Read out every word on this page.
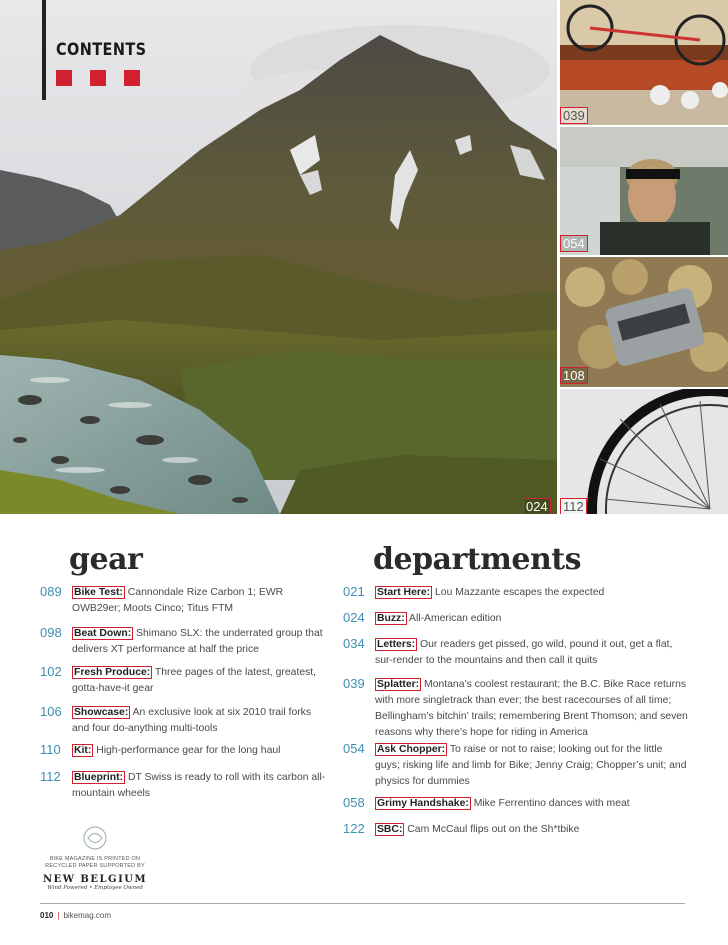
024
CONTENTS
039
054
108
112
gear
089 Bike Test: Cannondale Rize Carbon 1; EWR OWB29er; Moots Cinco; Titus FTM
098 Beat Down: Shimano SLX: the underrated group that delivers XT performance at half the price
102 Fresh Produce: Three pages of the latest, greatest, gotta-have-it gear
106 Showcase: An exclusive look at six 2010 trail forks and four do-anything multi-tools
110 Kit: High-performance gear for the long haul
112 Blueprint: DT Swiss is ready to roll with its carbon all-mountain wheels
departments
021 Start Here: Lou Mazzante escapes the expected
024 Buzz: All-American edition
034 Letters: Our readers get pissed, go wild, pound it out, get a flat, sur-render to the mountains and then call it quits
039 Splatter: Montana’s coolest restaurant; the B.C. Bike Race returns with more singletrack than ever; the best racecourses of all time; Bellingham’s bitchin’ trails; remembering Brent Thomson; and seven reasons why there’s hope for riding in America
054 Ask Chopper: To raise or not to raise; looking out for the little guys; risking life and limb for Bike; Jenny Craig; Chopper’s unit; and physics for dummies
058 Grimy Handshake: Mike Ferrentino dances with meat
122 SBC: Cam McCaul flips out on the Sh*tbike
BIKE MAGAZINE IS PRINTED ON
RECYCLED PAPER SUPPORTED BY
NEW BELGIUM
Wind Powered • Employee Owned
010 | bikemag.com
